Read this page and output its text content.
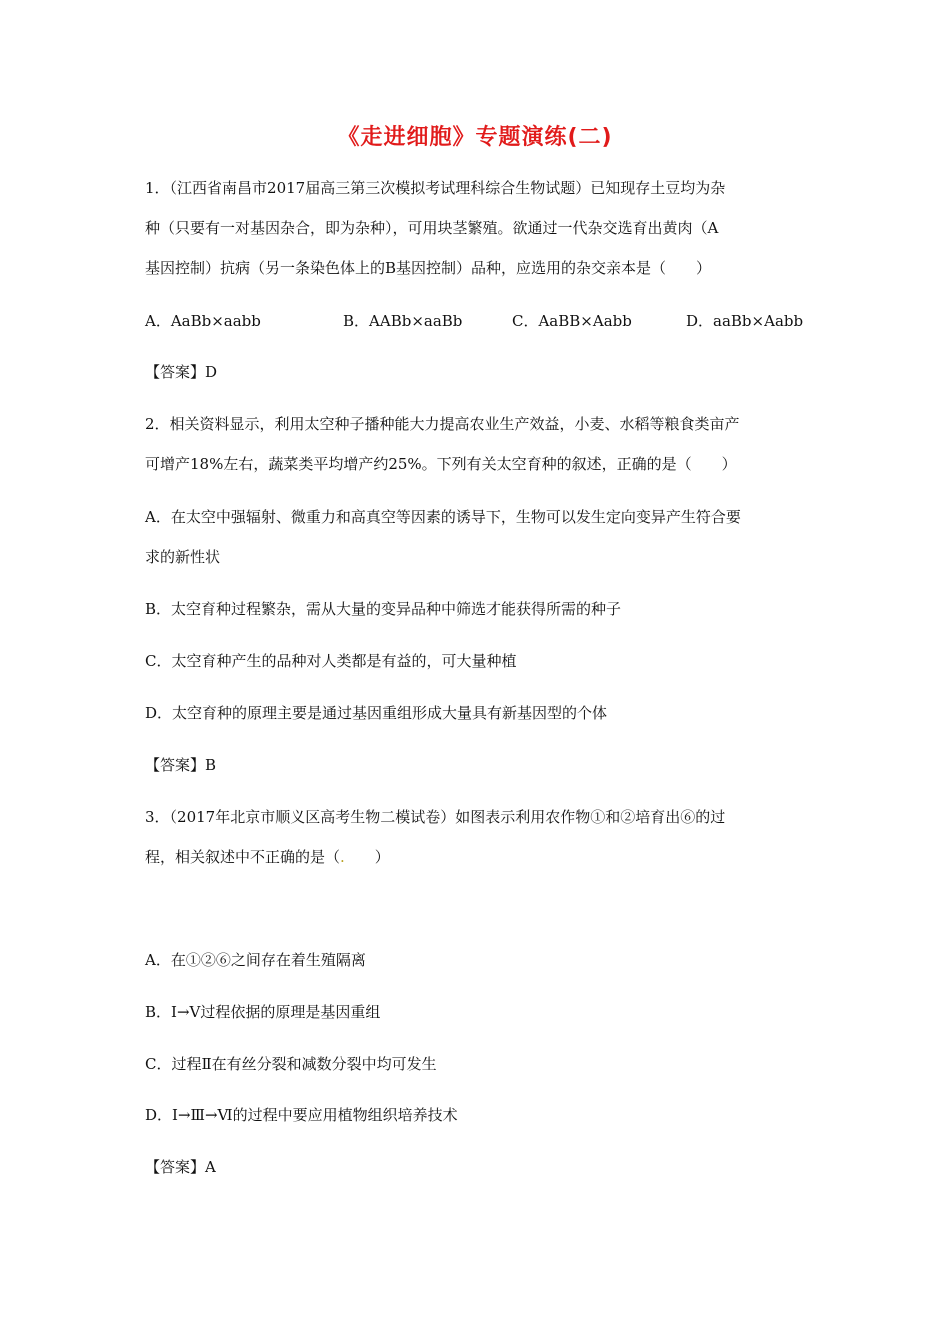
《走进细胞》专题演练(二)
1．（江西省南昌市2017届高三第三次模拟考试理科综合生物试题）已知现存土豆均为杂
种（只要有一对基因杂合，即为杂种），可用块茎繁殖。欲通过一代杂交选育出黄肉（A
基因控制）抗病（另一条染色体上的B基因控制）品种，应选用的杂交亲本是（　　）
A．AaBb×aabb	B．AABb×aaBb	C．AaBB×Aabb	D．aaBb×Aabb
【答案】D
2．相关资料显示，利用太空种子播种能大力提高农业生产效益，小麦、水稻等粮食类亩产
可增产18%左右，蔬菜类平均增产约25%。下列有关太空育种的叙述，正确的是（　　）
A．在太空中强辐射、微重力和高真空等因素的诱导下，生物可以发生定向变异产生符合要
求的新性状
B．太空育种过程繁杂，需从大量的变异品种中筛选才能获得所需的种子
C．太空育种产生的品种对人类都是有益的，可大量种植
D．太空育种的原理主要是通过基因重组形成大量具有新基因型的个体
【答案】B
3．（2017年北京市顺义区高考生物二模试卷）如图表示利用农作物①和②培育出⑥的过
程，相关叙述中不正确的是（.　　）
A．在①②⑥之间存在着生殖隔离
B．Ⅰ→Ⅴ过程依据的原理是基因重组
C．过程Ⅱ在有丝分裂和减数分裂中均可发生
D．Ⅰ→Ⅲ→Ⅵ的过程中要应用植物组织培养技术
【答案】A
